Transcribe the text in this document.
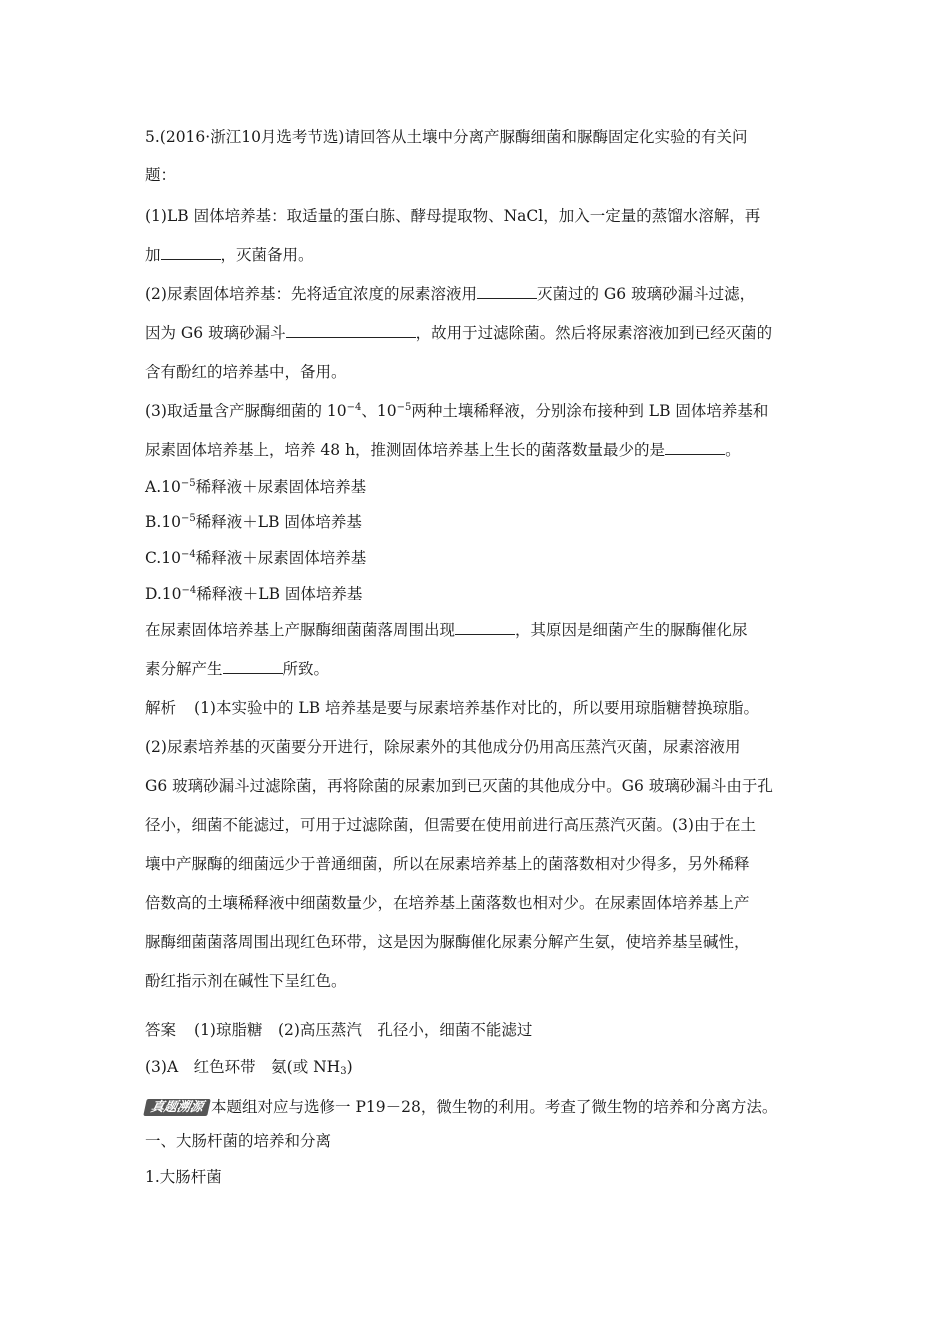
5.(2016·浙江10月选考节选)请回答从土壤中分离产脲酶细菌和脲酶固定化实验的有关问
题：
(1)LB 固体培养基：取适量的蛋白胨、酵母提取物、NaCl，加入一定量的蒸馏水溶解，再
加	，灭菌备用。
(2)尿素固体培养基：先将适宜浓度的尿素溶液用	灭菌过的 G6 玻璃砂漏斗过滤，
因为 G6 玻璃砂漏斗	，故用于过滤除菌。然后将尿素溶液加到已经灭菌的
含有酚红的培养基中，备用。
(3)取适量含产脲酶细菌的 $10^{-4}$、$10^{-5}$两种土壤稀释液，分别涂布接种到 LB 固体培养基和
尿素固体培养基上，培养 48 h，推测固体培养基上生长的菌落数量最少的是	。
$A.10^{-5}$稀释液＋尿素固体培养基
$B.10^{-5}$稀释液＋LB 固体培养基
$C.10^{-4}$稀释液＋尿素固体培养基
$D.10^{-4}$稀释液＋LB 固体培养基
在尿素固体培养基上产脲酶细菌菌落周围出现	，其原因是细菌产生的脲酶催化尿
素分解产生	所致。
解析 (1)本实验中的 LB 培养基是要与尿素培养基作对比的，所以要用琼脂糖替换琼脂。
(2)尿素培养基的灭菌要分开进行，除尿素外的其他成分仍用高压蒸汽灭菌，尿素溶液用
G6 玻璃砂漏斗过滤除菌，再将除菌的尿素加到已灭菌的其他成分中。G6 玻璃砂漏斗由于孔
径小，细菌不能滤过，可用于过滤除菌，但需要在使用前进行高压蒸汽灭菌。(3)由于在土
壤中产脲酶的细菌远少于普通细菌，所以在尿素培养基上的菌落数相对少得多，另外稀释
倍数高的土壤稀释液中细菌数量少，在培养基上菌落数也相对少。在尿素固体培养基上产
脲酶细菌菌落周围出现红色环带，这是因为脲酶催化尿素分解产生氨，使培养基呈碱性，
酚红指示剂在碱性下呈红色。
答案 (1)琼脂糖　(2)高压蒸汽　孔径小，细菌不能滤过
(3)A　红色环带　氨(或 $NH_3$)
真题溯源 本题组对应与选修一 P19－28，微生物的利用。考查了微生物的培养和分离方法。
一、大肠杆菌的培养和分离
1.大肠杆菌
